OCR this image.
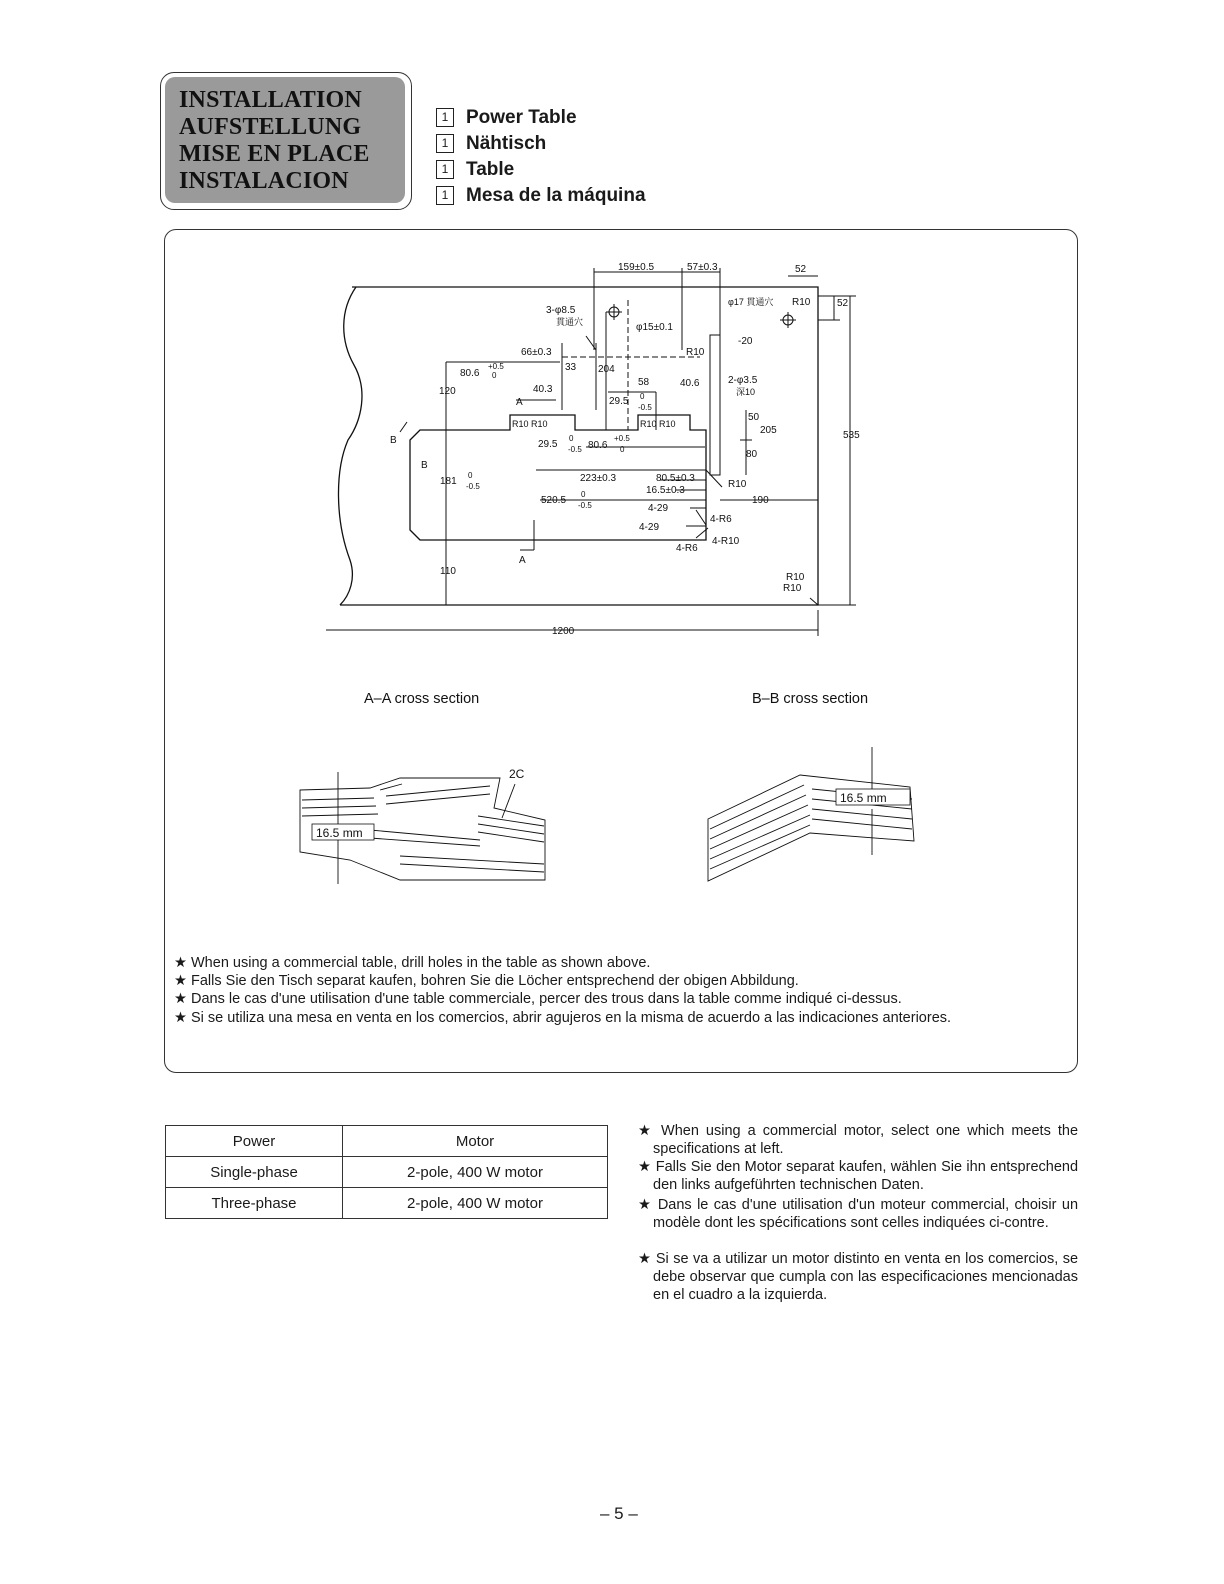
INSTALLATION
AUFSTELLUNG
MISE EN PLACE
INSTALACION
1 Power Table
1 Nähtisch
1 Table
1 Mesa de la máquina
159±0.5	57±0.3	52
52
3-φ8.5
貫通穴
φ17 貫通穴 R10
φ15±0.1
66±0.3	R10
-20
80.6
+0.5
0
33 204
58	40.6	2-φ3.5
深10
120	40.3
29.5 0
-0.5
A
R10 R10	R10 R10
50
205	535
B
B
29.5
0
-0.5 80.6
+0.5
0	80
181
0
-0.5
223±0.3	80.5±0.3
R10
16.5±0.3
190
520.5
0
-0.5	4-29
4-R6
4-29
4-R10
4-R6
A
110
R10
R10
1200
A–A cross section	B–B cross section
2C
16.5 mm
16.5 mm
★ When using a commercial table, drill holes in the table as shown above.
★ Falls Sie den Tisch separat kaufen, bohren Sie die Löcher entsprechend der obigen Abbildung.
★ Dans le cas d'une utilisation d'une table commerciale, percer des trous dans la table comme indiqué ci-dessus.
★ Si se utiliza una mesa en venta en los comercios, abrir agujeros en la misma de acuerdo a las indicaciones anteriores.
Power	Motor
Single-phase	2-pole, 400 W motor
Three-phase	2-pole, 400 W motor
★ When using a commercial motor, select one which meets the specifications at left.
★ Falls Sie den Motor separat kaufen, wählen Sie ihn entsprechend den links aufgeführten technischen Daten.
★ Dans le cas d'une utilisation d'un moteur commercial, choisir un modèle dont les spécifications sont celles indiquées ci-contre.
★ Si se va a utilizar un motor distinto en venta en los comercios, se debe observar que cumpla con las especificaciones mencionadas en el cuadro a la izquierda.
– 5 –
